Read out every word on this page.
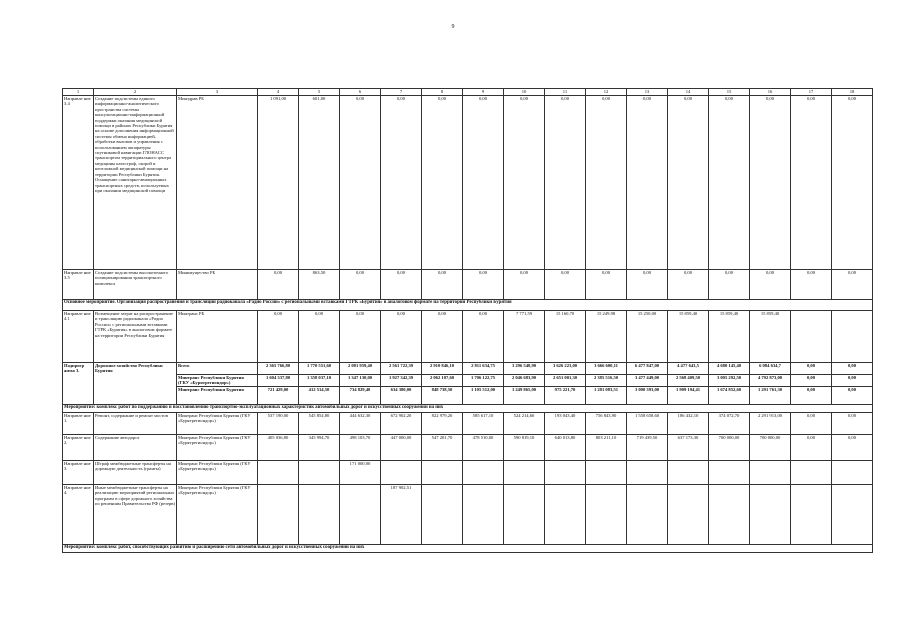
9
1	2	3	4	5	6	7	8	9	10	11	12	13	14	15	16	17	18
Направле ние 3.4	Создание подсистемы единого информационно-аналитического пространства системы консультационно-информационной поддержки оказания медицинской помощи в районах Республики Бурятия на основе дополнения информационной системы обмена информацией, обработки вызовов и управления с использованием аппаратуры спутниковой навигации ГЛОНАСС транспортом территориального центра медицины катастроф, скорой и неотложной медицинской помощи на территории Республики Бурятия. Оснащение санитарно-авиационных транспортных средств, используемых при оказании медицинской помощи	Минздрав РБ	1 091,00	601,00	0,00	0,00	0,00	0,00	0,00	0,00	0,00	0,00	0,00	0,00	0,00	0,00	0,00
Направле ние 3.5	Создание подсистемы высокоточного позиционирования транспортного комплекса	Минимущество РБ	0,00	863,50	0,00	0,00	0,00	0,00	0,00	0,00	0,00	0,00	0,00	0,00	0,00	0,00	0,00
Основное мероприятие. Организация распространения и трансляции радиоканала «Радио России» с региональными вставками ГТРК «Бурятия» в аналоговом формате на территории Республики Бурятия																	
Направле ние 4.1	Возмещение затрат на распространение и трансляцию радиоканала «Радио России» с региональными вставками ГТРК «Бурятия» в аналоговом формате на территории Республики Бурятия	Минтранс РБ	0,00	0,00	0,00	0,00	0,00	0,00	7 771,59	15 160,70	15 249,98	15 250,00	15 859,40	15 859,40	15 859,40		
Подпрогр амма 3.	Дорожное хозяйство Республики Бурятия	Всего	2 365 766,80	1 770 551,60	2 081 959,40	2 561 722,39	2 910 846,10	2 811 634,75	3 296 548,90	3 626 223,00	3 666 600,11	6 477 847,00	4 477 643,5	4 680 145,40	6 084 634,7	0,00	0,00
		Минтранс Республики Бурятия (ГКУ «Бурятрегиондор»)	1 604 337,80	1 358 037,10	1 347 130,00	1 927 342,39	2 062 107,60	1 706 122,75	2 046 683,90	2 651 001,30	2 385 516,50	3 477 449,00	2 568 409,50	3 005 292,50	4 792 873,00	0,00	0,00
		Минтранс Республики Бурятия	721 429,00	412 514,50	734 829,40	634 380,00	848 738,50	1 105 512,00	1 249 865,00	975 221,70	1 281 083,51	3 000 393,00	1 909 194,41	1 674 852,60	1 291 761,30	0,00	0,00
Мероприятие: комплекс работ по поддержанию и восстановлению транспортно-эксплуатационных характеристик автомобильных дорог и искусственных сооружений на них																	
Направле ние 1.	Ремонт, содержание и ремонт мостов	Минтранс Республики Бурятия (ГКУ «Бурятрегиондор»)	537 190,00	545 854,80	444 632,30	672 902,20	822 979,20	585 617,10	524 214,60	193 043,40	756 843,90	1 558 658,60	186 432,10	374 072,70	2 291 913,00	0,00	0,00
Направле ние 2.	Содержание автодорог	Минтранс Республики Бурятия (ГКУ «Бурятрегиондор»)	405 036,80	345 994,70	498 103,70	447 000,00	547 201,70	478 510,00	590 819,10	640 013,80	803 211,10	719 439,50	637 173,30	700 000,00	700 000,00	0,00	0,00
Направле ние 3.	Штраф межбюджетные трансферты на дорожную деятельность (гранты)	Минтранс Республики Бурятия (ГКУ «Бурятрегиондор»)			171 000,00												
Направле ние 4.	Иные межбюджетные трансферты на реализацию мероприятий региональных программ в сфере дорожного хозяйства по решениям Правительства РФ (резерв)	Минтранс Республики Бурятия (ГКУ «Бурятрегиондор»)				187 902,51											
Мероприятие: комплекс работ, способствующих развитию и расширению сети автомобильных дорог и искусственных сооружений на них																	
